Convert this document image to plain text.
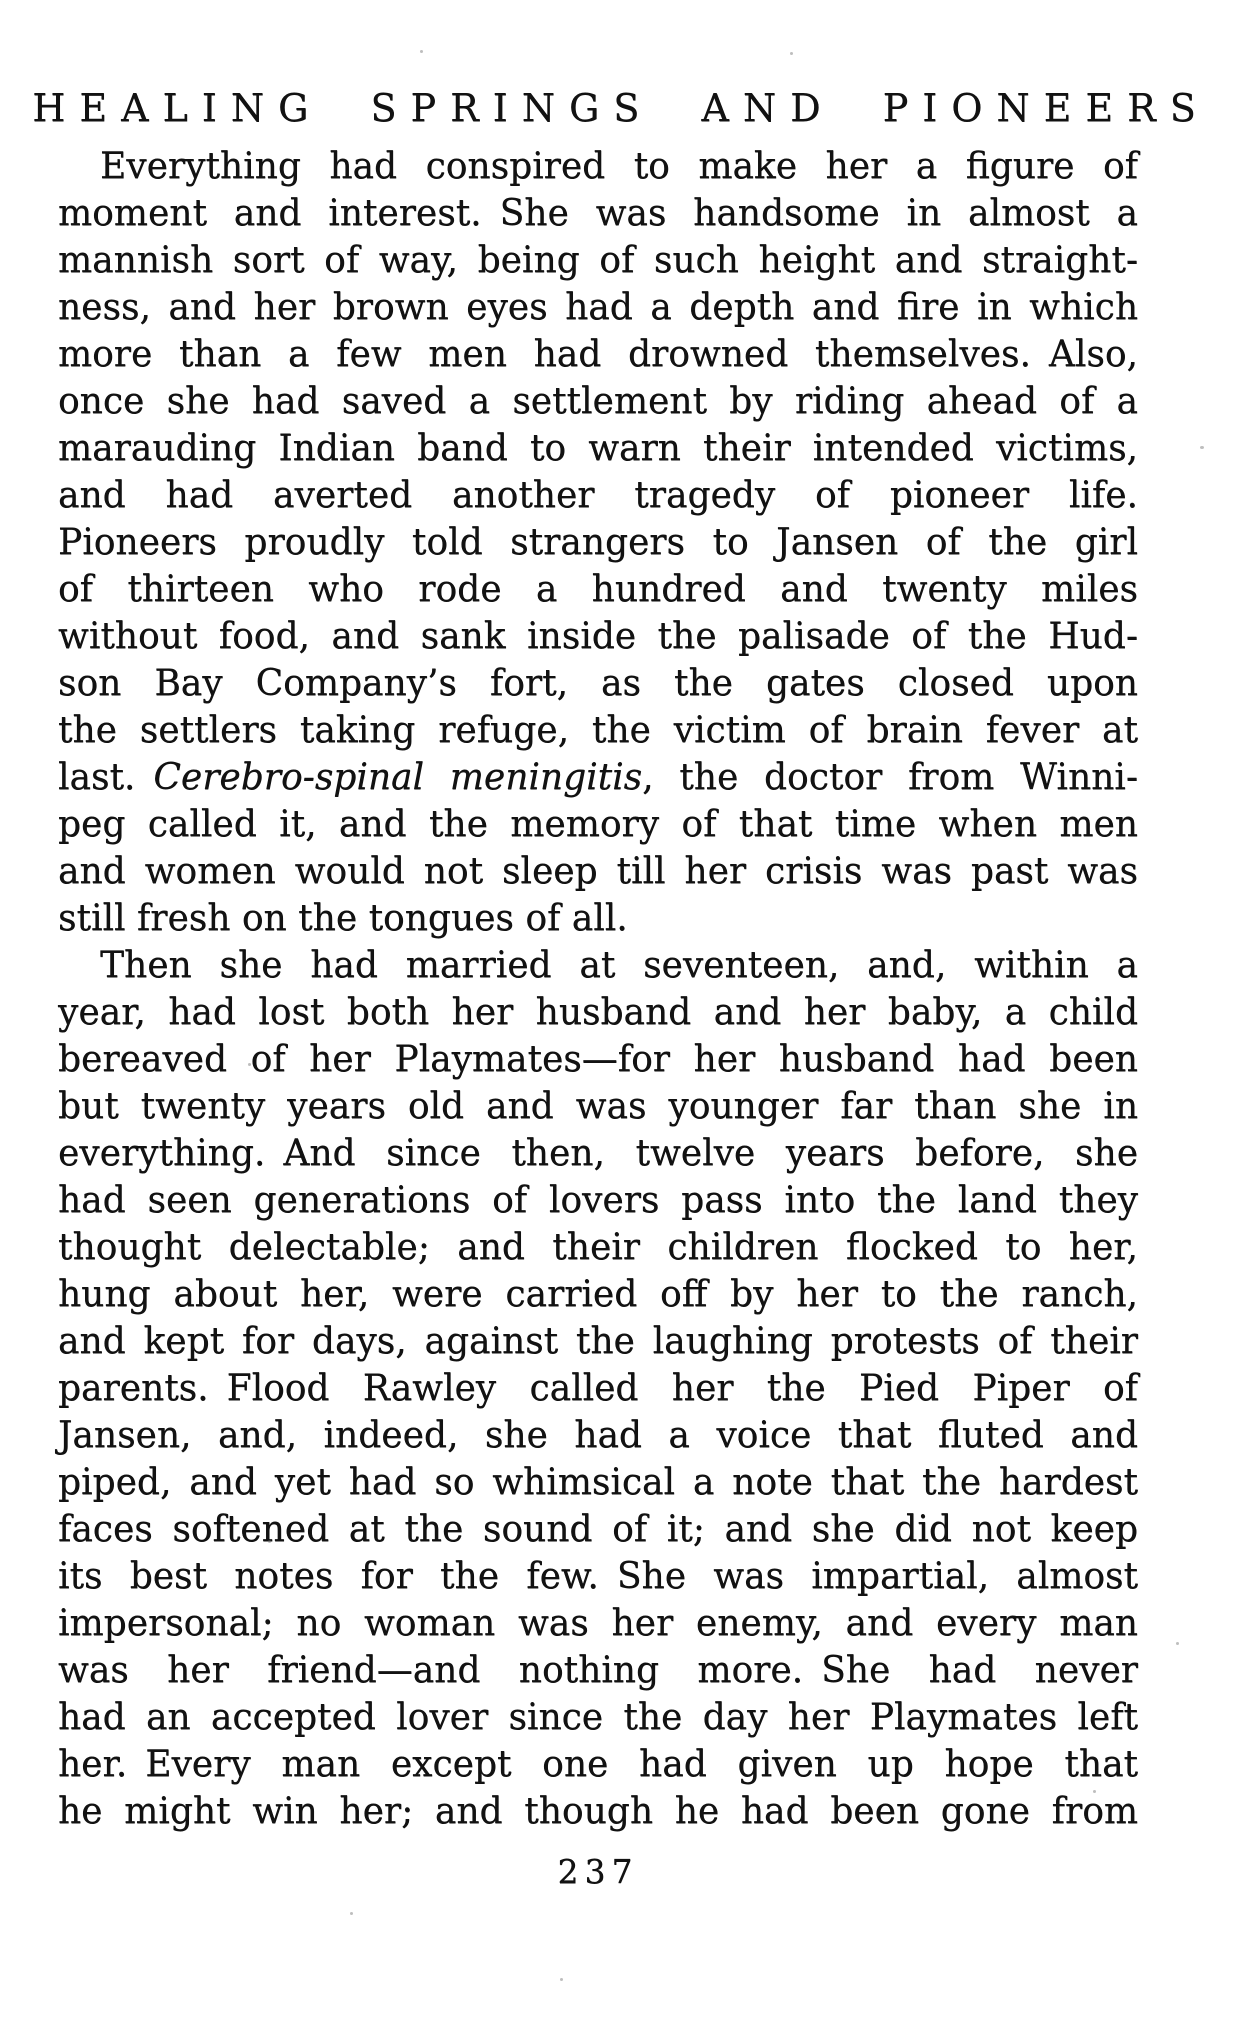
HEALING SPRINGS AND PIONEERS
Everything had conspired to make her a figure of
moment and interest. She was handsome in almost a
mannish sort of way, being of such height and straight-
ness, and her brown eyes had a depth and fire in which
more than a few men had drowned themselves. Also,
once she had saved a settlement by riding ahead of a
marauding Indian band to warn their intended victims,
and had averted another tragedy of pioneer life.
Pioneers proudly told strangers to Jansen of the girl
of thirteen who rode a hundred and twenty miles
without food, and sank inside the palisade of the Hud-
son Bay Company’s fort, as the gates closed upon
the settlers taking refuge, the victim of brain fever at
last. Cerebro-spinal meningitis, the doctor from Winni-
peg called it, and the memory of that time when men
and women would not sleep till her crisis was past was
still fresh on the tongues of all.
Then she had married at seventeen, and, within a
year, had lost both her husband and her baby, a child
bereaved of her Playmates—for her husband had been
but twenty years old and was younger far than she in
everything. And since then, twelve years before, she
had seen generations of lovers pass into the land they
thought delectable; and their children flocked to her,
hung about her, were carried off by her to the ranch,
and kept for days, against the laughing protests of their
parents. Flood Rawley called her the Pied Piper of
Jansen, and, indeed, she had a voice that fluted and
piped, and yet had so whimsical a note that the hardest
faces softened at the sound of it; and she did not keep
its best notes for the few. She was impartial, almost
impersonal; no woman was her enemy, and every man
was her friend—and nothing more. She had never
had an accepted lover since the day her Playmates left
her. Every man except one had given up hope that
he might win her; and though he had been gone from
237
